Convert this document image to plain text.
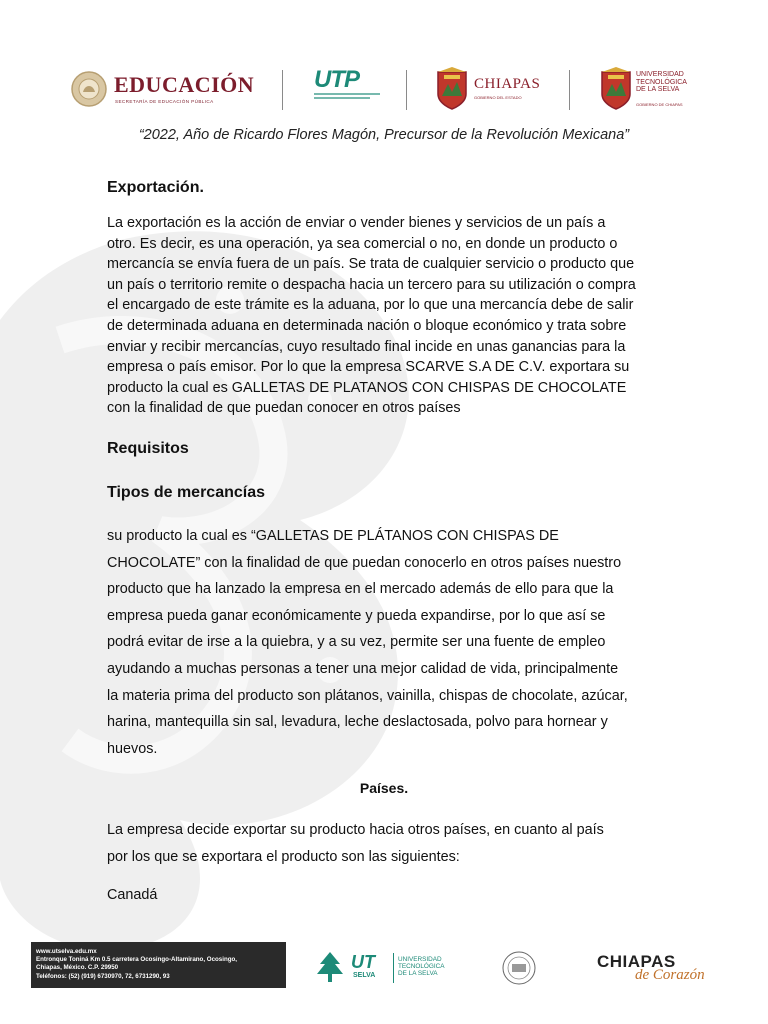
EDUCACIÓN
SECRETARÍA DE EDUCACIÓN PÚBLICA
UTP	CHIAPAS
GOBIERNO DEL ESTADO
UNIVERSIDAD
TECNOLÓGICA
DE LA SELVA
GOBIERNO DE CHIAPAS
“2022, Año de Ricardo Flores Magón, Precursor de la Revolución Mexicana”
Exportación.
La exportación es la acción de enviar o vender bienes y servicios de un país a
otro. Es decir, es una operación, ya sea comercial o no, en donde un producto o
mercancía se envía fuera de un país. Se trata de cualquier servicio o producto que
un país o territorio remite o despacha hacia un tercero para su utilización o compra
el encargado de este trámite es la aduana, por lo que una mercancía debe de salir
de determinada aduana en determinada nación o bloque económico y trata sobre
enviar y recibir mercancías, cuyo resultado final incide en unas ganancias para la
empresa o país emisor. Por lo que la empresa SCARVE S.A DE C.V. exportara su
producto la cual es GALLETAS DE PLATANOS CON CHISPAS DE CHOCOLATE
con la finalidad de que puedan conocer en otros países
Requisitos
Tipos de mercancías
su producto la cual es “GALLETAS DE PLÁTANOS CON CHISPAS DE
CHOCOLATE” con la finalidad de que puedan conocerlo en otros países nuestro
producto que ha lanzado la empresa en el mercado además de ello para que la
empresa pueda ganar económicamente y pueda expandirse, por lo que así se
podrá evitar de irse a la quiebra, y a su vez, permite ser una fuente de empleo
ayudando a muchas personas a tener una mejor calidad de vida, principalmente
la materia prima del producto son plátanos, vainilla, chispas de chocolate, azúcar,
harina, mantequilla sin sal, levadura, leche deslactosada, polvo para hornear y
huevos.
Países.
La empresa decide exportar su producto hacia otros países, en cuanto al país
por los que se exportara el producto son las siguientes:
Canadá
www.utselva.edu.mx
Entronque Toniná Km 0.5 carretera Ocosingo-Altamirano, Ocosingo,
Chiapas, México. C.P. 29950
Teléfonos: (52) (919) 6730970, 72, 6731290, 93
UT
SELVA
UNIVERSIDAD
TECNOLÓGICA
DE LA SELVA
CHIAPAS
de Corazón
